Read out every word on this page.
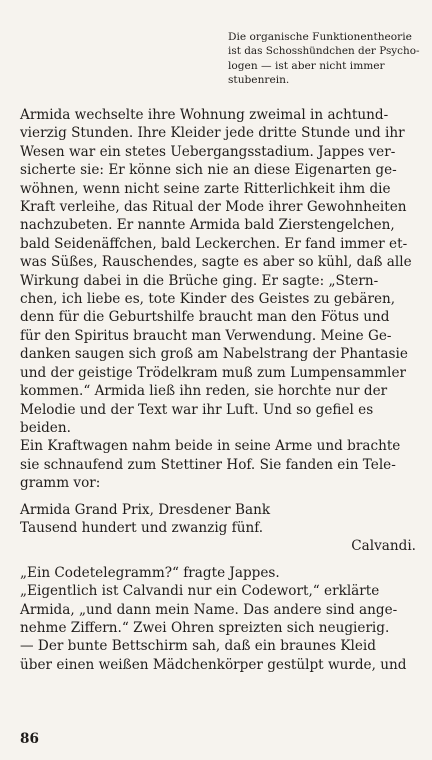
Die organische Funktionentheorie
ist das Schosshündchen der Psycho-
logen — ist aber nicht immer
stubenrein.
Armida wechselte ihre Wohnung zweimal in achtund-
vierzig Stunden. Ihre Kleider jede dritte Stunde und ihr
Wesen war ein stetes Uebergangsstadium. Jappes ver-
sicherte sie: Er könne sich nie an diese Eigenarten ge-
wöhnen, wenn nicht seine zarte Ritterlichkeit ihm die
Kraft verleihe, das Ritual der Mode ihrer Gewohnheiten
nachzubeten. Er nannte Armida bald Zierstengelchen,
bald Seidenäffchen, bald Leckerchen. Er fand immer et-
was Süßes, Rauschendes, sagte es aber so kühl, daß alle
Wirkung dabei in die Brüche ging. Er sagte: „Stern-
chen, ich liebe es, tote Kinder des Geistes zu gebären,
denn für die Geburtshilfe braucht man den Fötus und
für den Spiritus braucht man Verwendung. Meine Ge-
danken saugen sich groß am Nabelstrang der Phantasie
und der geistige Trödelkram muß zum Lumpensammler
kommen.“ Armida ließ ihn reden, sie horchte nur der
Melodie und der Text war ihr Luft. Und so gefiel es
beiden.
Ein Kraftwagen nahm beide in seine Arme und brachte
sie schnaufend zum Stettiner Hof. Sie fanden ein Tele-
gramm vor:
Armida Grand Prix, Dresdener Bank
Tausend hundert und zwanzig fünf.
Calvandi.
„Ein Codetelegramm?“ fragte Jappes.
„Eigentlich ist Calvandi nur ein Codewort,“ erklärte
Armida, „und dann mein Name. Das andere sind ange-
nehme Ziffern.“ Zwei Ohren spreizten sich neugierig.
— Der bunte Bettschirm sah, daß ein braunes Kleid
über einen weißen Mädchenkörper gestülpt wurde, und
86
